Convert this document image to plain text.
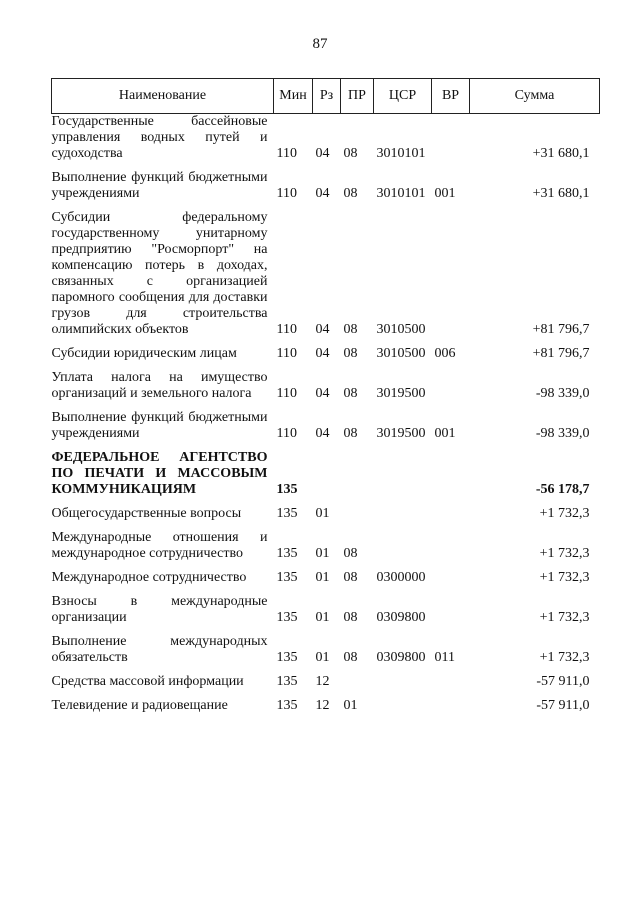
87
Наименование	Мин	Рз	ПР	ЦСР	ВР	Сумма
Государственные бассейновые управления водных путей и судоходства	110	04	08	3010101		+31 680,1
Выполнение функций бюджетными учреждениями	110	04	08	3010101	001	+31 680,1
Субсидии федеральному государственному унитарному предприятию "Росморпорт" на компенсацию потерь в доходах, связанных с организацией паромного сообщения для доставки грузов для строительства олимпийских объектов	110	04	08	3010500		+81 796,7
Субсидии юридическим лицам	110	04	08	3010500	006	+81 796,7
Уплата налога на имущество организаций и земельного налога	110	04	08	3019500		-98 339,0
Выполнение функций бюджетными учреждениями	110	04	08	3019500	001	-98 339,0
ФЕДЕРАЛЬНОЕ АГЕНТСТВО ПО ПЕЧАТИ И МАССОВЫМ КОММУНИКАЦИЯМ	135					-56 178,7
Общегосударственные вопросы	135	01				+1 732,3
Международные отношения и международное сотрудничество	135	01	08			+1 732,3
Международное сотрудничество	135	01	08	0300000		+1 732,3
Взносы в международные организации	135	01	08	0309800		+1 732,3
Выполнение международных обязательств	135	01	08	0309800	011	+1 732,3
Средства массовой информации	135	12				-57 911,0
Телевидение и радиовещание	135	12	01			-57 911,0
